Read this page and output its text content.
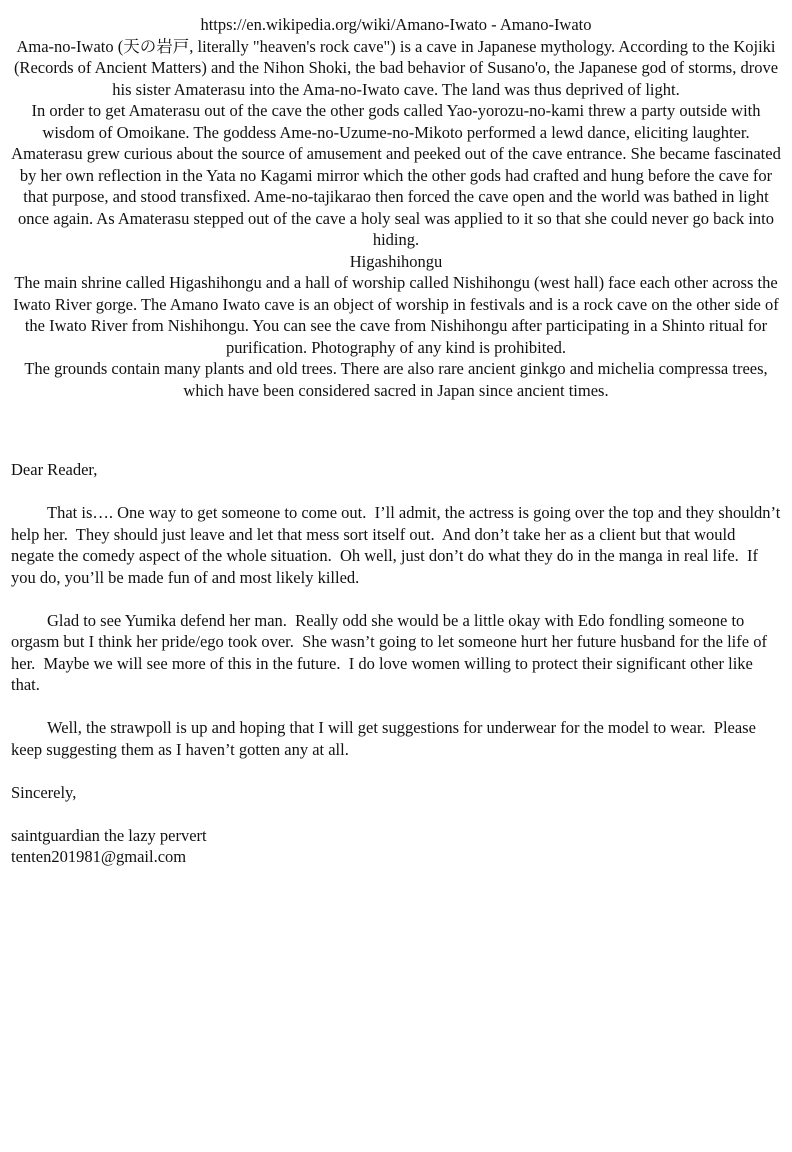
https://en.wikipedia.org/wiki/Amano-Iwato - Amano-Iwato

Ama-no-Iwato (天の岩戸, literally "heaven's rock cave") is a cave in Japanese mythology. According to the Kojiki (Records of Ancient Matters) and the Nihon Shoki, the bad behavior of Susano'o, the Japanese god of storms, drove his sister Amaterasu into the Ama-no-Iwato cave. The land was thus deprived of light.

In order to get Amaterasu out of the cave the other gods called Yao-yorozu-no-kami threw a party outside with wisdom of Omoikane. The goddess Ame-no-Uzume-no-Mikoto performed a lewd dance, eliciting laughter. Amaterasu grew curious about the source of amusement and peeked out of the cave entrance. She became fascinated by her own reflection in the Yata no Kagami mirror which the other gods had crafted and hung before the cave for that purpose, and stood transfixed. Ame-no-tajikarao then forced the cave open and the world was bathed in light once again. As Amaterasu stepped out of the cave a holy seal was applied to it so that she could never go back into hiding.

Higashihongu

The main shrine called Higashihongu and a hall of worship called Nishihongu (west hall) face each other across the Iwato River gorge. The Amano Iwato cave is an object of worship in festivals and is a rock cave on the other side of the Iwato River from Nishihongu. You can see the cave from Nishihongu after participating in a Shinto ritual for purification. Photography of any kind is prohibited.

The grounds contain many plants and old trees. There are also rare ancient ginkgo and michelia compressa trees, which have been considered sacred in Japan since ancient times.

Dear Reader,

That is…. One way to get someone to come out.  I’ll admit, the actress is going over the top and they shouldn’t help her.  They should just leave and let that mess sort itself out.  And don’t take her as a client but that would negate the comedy aspect of the whole situation.  Oh well, just don’t do what they do in the manga in real life.  If you do, you’ll be made fun of and most likely killed.

Glad to see Yumika defend her man.  Really odd she would be a little okay with Edo fondling someone to orgasm but I think her pride/ego took over.  She wasn’t going to let someone hurt her future husband for the life of her.  Maybe we will see more of this in the future.  I do love women willing to protect their significant other like that.

Well, the strawpoll is up and hoping that I will get suggestions for underwear for the model to wear.  Please keep suggesting them as I haven’t gotten any at all.

Sincerely,

saintguardian the lazy pervert

tenten201981@gmail.com
